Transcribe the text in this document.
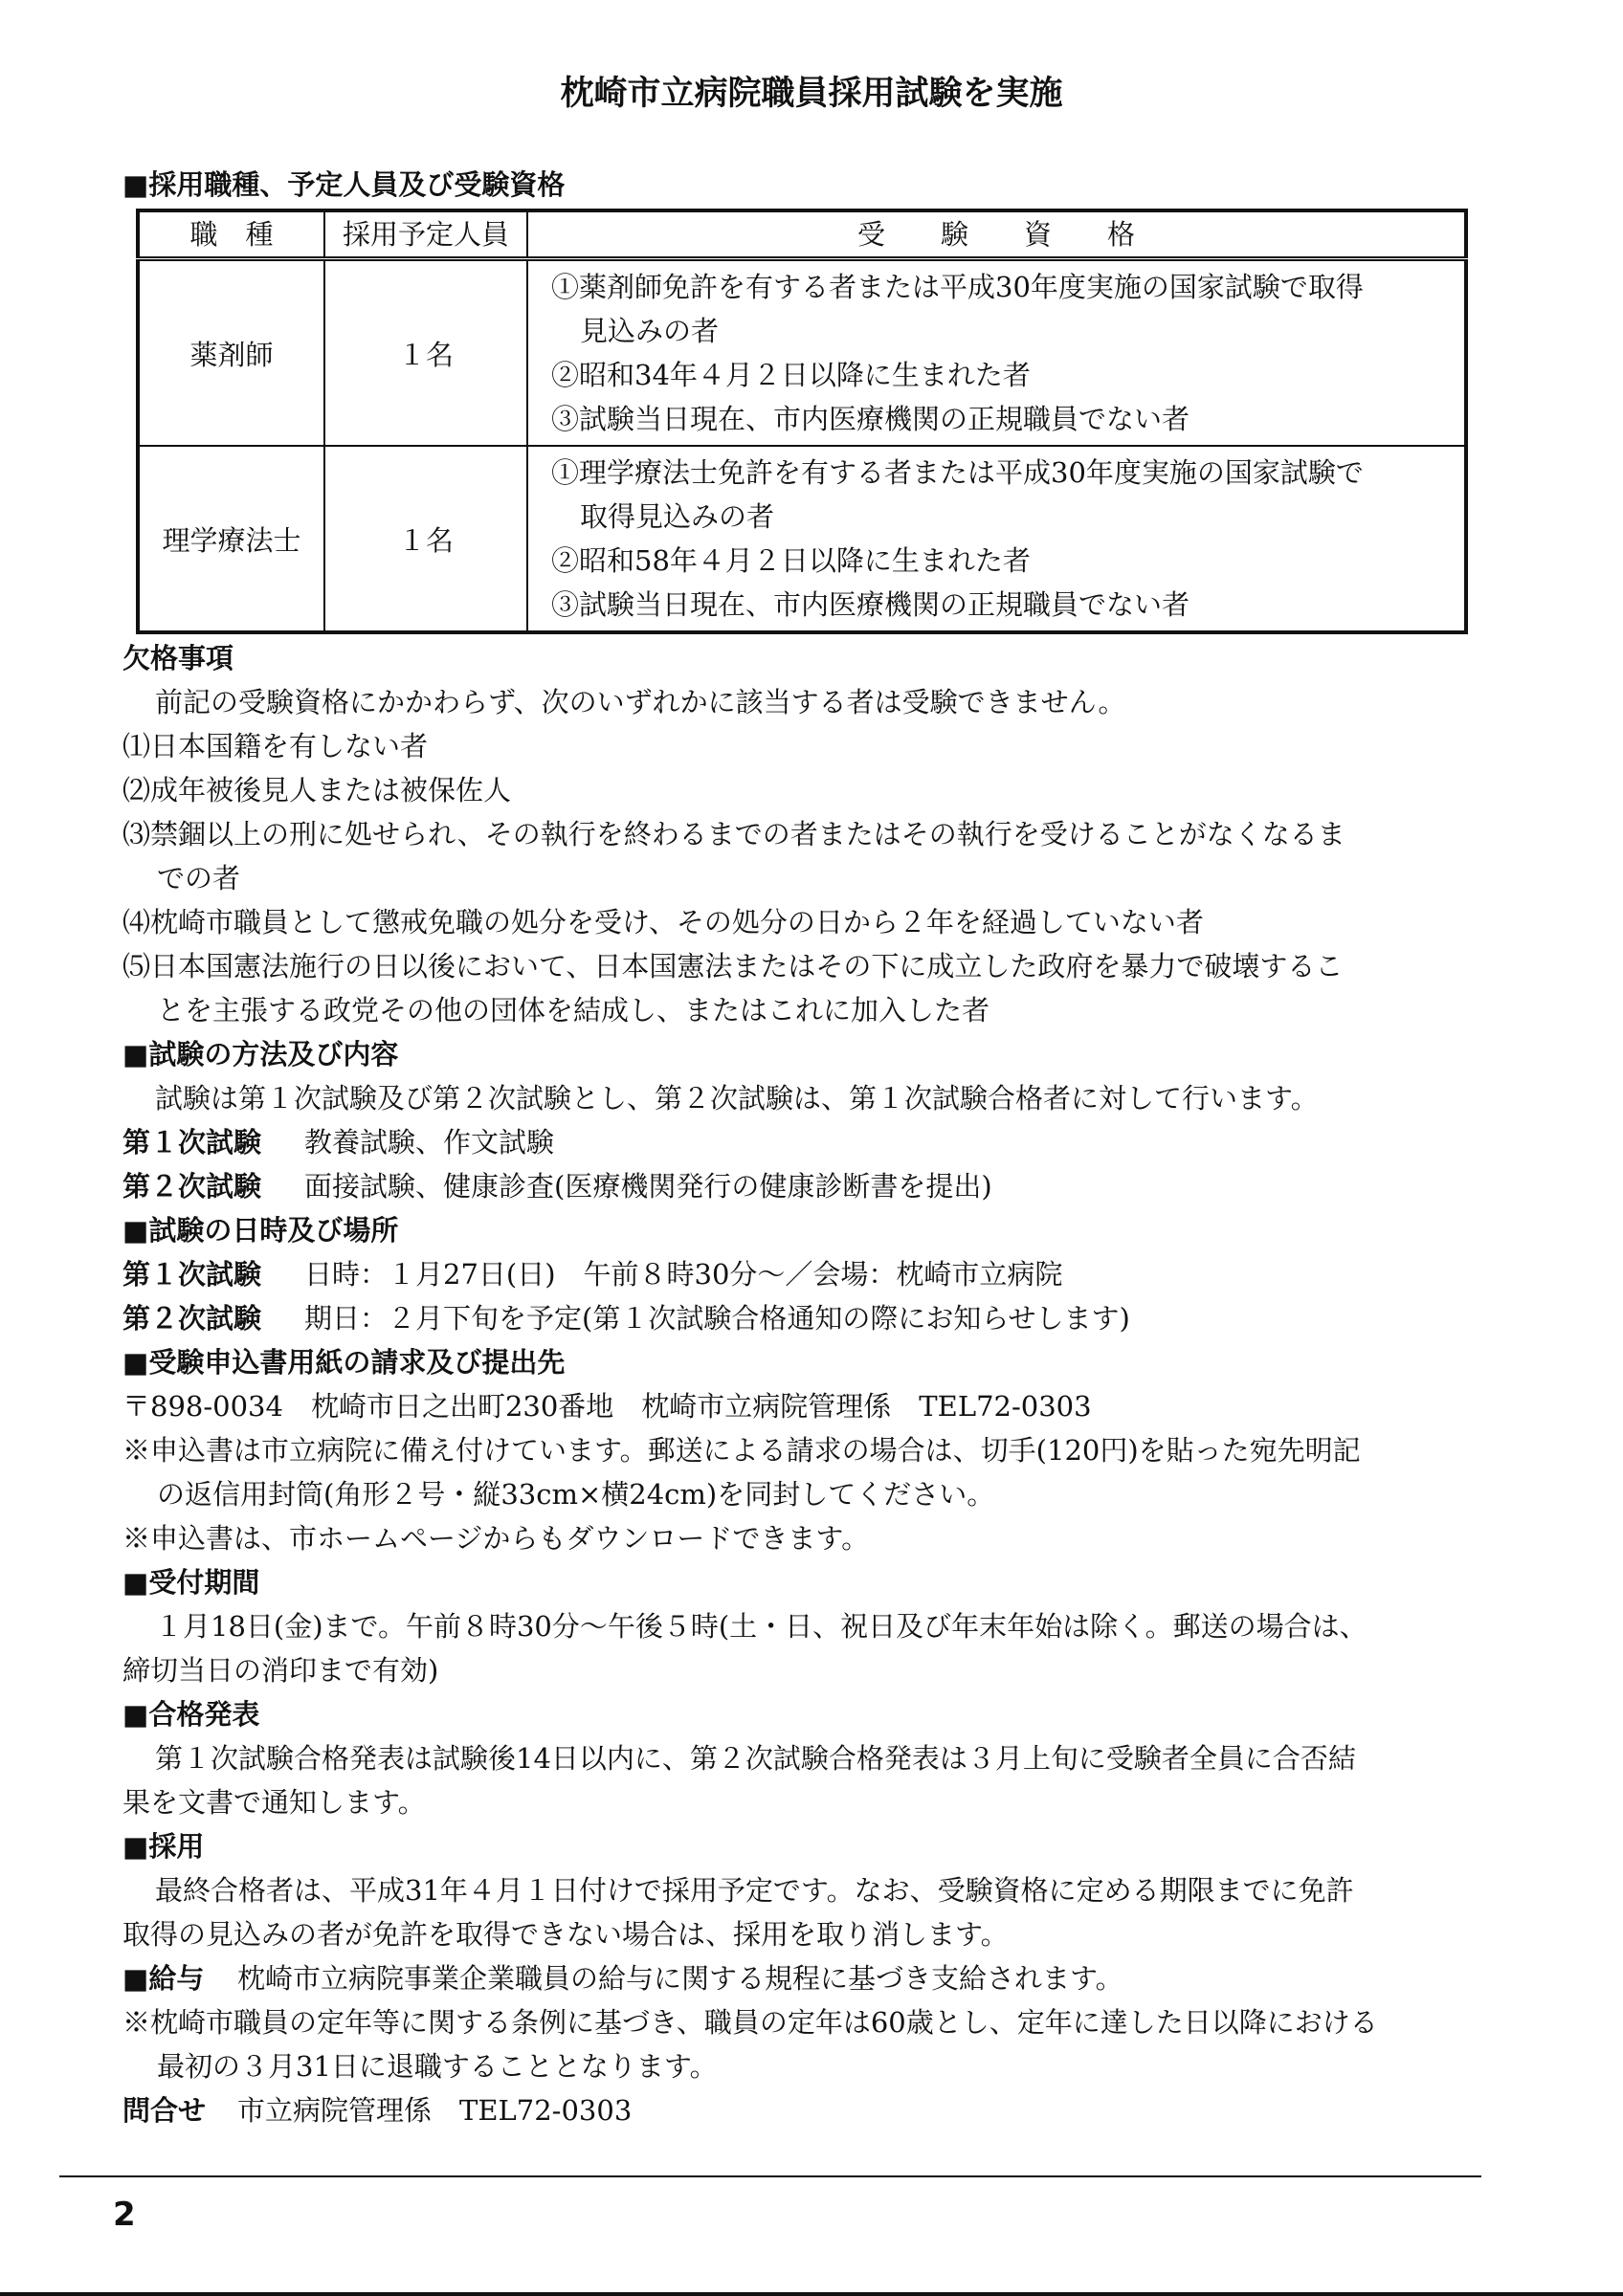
枕崎市立病院職員採用試験を実施
■採用職種、予定人員及び受験資格
職　種	採用予定人員	受　　験　　資　　格
薬剤師	１名	①薬剤師免許を有する者または平成30年度実施の国家試験で取得
見込みの者
②昭和34年４月２日以降に生まれた者
③試験当日現在、市内医療機関の正規職員でない者

理学療法士	１名	①理学療法士免許を有する者または平成30年度実施の国家試験で
取得見込みの者
②昭和58年４月２日以降に生まれた者
③試験当日現在、市内医療機関の正規職員でない者
欠格事項
前記の受験資格にかかわらず、次のいずれかに該当する者は受験できません。
⑴日本国籍を有しない者
⑵成年被後見人または被保佐人
⑶禁錮以上の刑に処せられ、その執行を終わるまでの者またはその執行を受けることがなくなるま
での者
⑷枕崎市職員として懲戒免職の処分を受け、その処分の日から２年を経過していない者
⑸日本国憲法施行の日以後において、日本国憲法またはその下に成立した政府を暴力で破壊するこ
とを主張する政党その他の団体を結成し、またはこれに加入した者
■試験の方法及び内容
試験は第１次試験及び第２次試験とし、第２次試験は、第１次試験合格者に対して行います。
第１次試験 教養試験、作文試験
第２次試験 面接試験、健康診査(医療機関発行の健康診断書を提出)
■試験の日時及び場所
第１次試験 日時：１月27日(日)　午前８時30分～／会場：枕崎市立病院
第２次試験 期日：２月下旬を予定(第１次試験合格通知の際にお知らせします)
■受験申込書用紙の請求及び提出先
〒898-0034　枕崎市日之出町230番地　枕崎市立病院管理係　TEL72-0303
※申込書は市立病院に備え付けています。郵送による請求の場合は、切手(120円)を貼った宛先明記
の返信用封筒(角形２号・縦33cm×横24cm)を同封してください。
※申込書は、市ホームページからもダウンロードできます。
■受付期間
１月18日(金)まで。午前８時30分～午後５時(土・日、祝日及び年末年始は除く。郵送の場合は、
締切当日の消印まで有効)
■合格発表
第１次試験合格発表は試験後14日以内に、第２次試験合格発表は３月上旬に受験者全員に合否結
果を文書で通知します。
■採用
最終合格者は、平成31年４月１日付けで採用予定です。なお、受験資格に定める期限までに免許
取得の見込みの者が免許を取得できない場合は、採用を取り消します。
■給与 枕崎市立病院事業企業職員の給与に関する規程に基づき支給されます。
※枕崎市職員の定年等に関する条例に基づき、職員の定年は60歳とし、定年に達した日以降における
最初の３月31日に退職することとなります。
問合せ 市立病院管理係　TEL72-0303
2
